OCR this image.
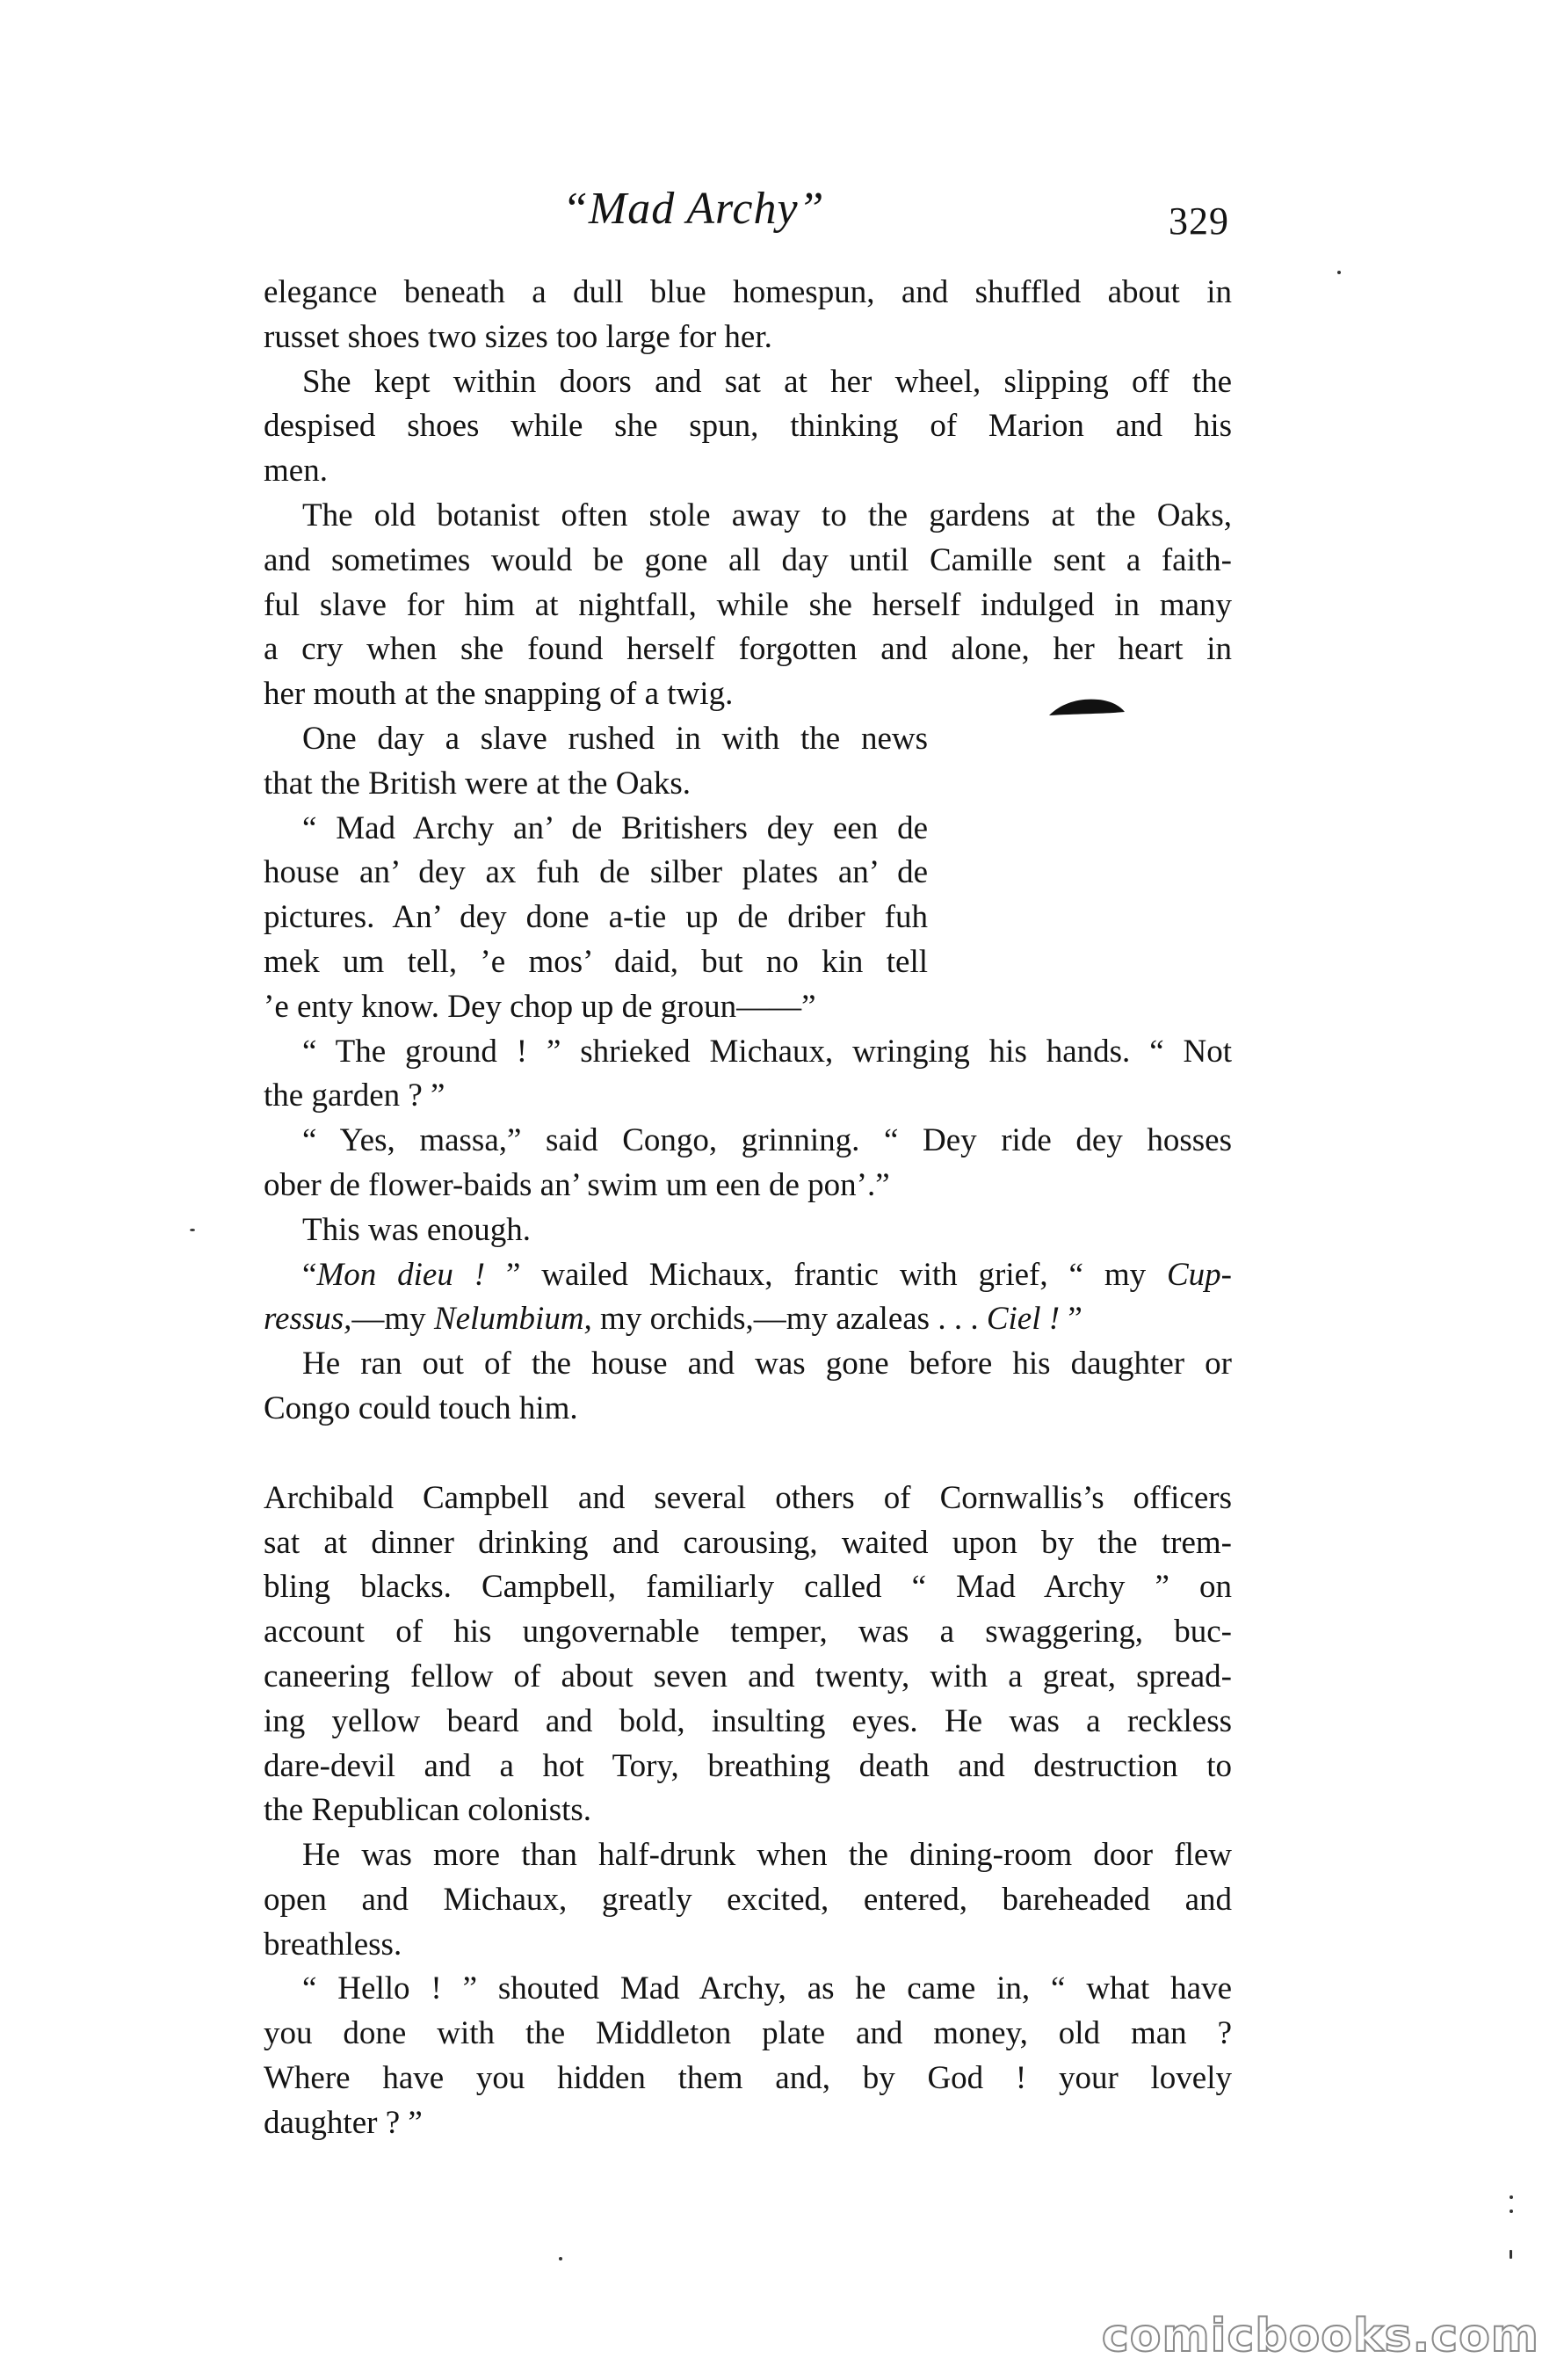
“Mad Archy”	329

elegance beneath a dull blue homespun, and shuffled about in

russet shoes two sizes too large for her.

She kept within doors and sat at her wheel, slipping off the

despised shoes while she spun, thinking of Marion and his

men.

The old botanist often stole away to the gardens at the Oaks,

and sometimes would be gone all day until Camille sent a faith-

ful slave for him at nightfall, while she herself indulged in many

a cry when she found herself forgotten and alone, her heart in

her mouth at the snapping of a twig.

One day a slave rushed in with the news

that the British were at the Oaks.

“ Mad Archy an’ de Britishers dey een de

house an’ dey ax fuh de silber plates an’ de

pictures. An’ dey done a-tie up de driber fuh

mek um tell, ’e mos’ daid, but no kin tell

’e enty know. Dey chop up de groun——”

“ The ground ! ” shrieked Michaux, wringing his hands. “ Not

the garden ? ”

“ Yes, massa,” said Congo, grinning. “ Dey ride dey hosses

ober de flower-baids an’ swim um een de pon’.”

This was enough.

“Mon dieu ! ” wailed Michaux, frantic with grief, “ my Cup-

ressus,—my Nelumbium, my orchids,—my azaleas . . . Ciel ! ”

He ran out of the house and was gone before his daughter or

Congo could touch him.

Archibald Campbell and several others of Cornwallis’s officers

sat at dinner drinking and carousing, waited upon by the trem-

bling blacks. Campbell, familiarly called “ Mad Archy ” on

account of his ungovernable temper, was a swaggering, buc-

caneering fellow of about seven and twenty, with a great, spread-

ing yellow beard and bold, insulting eyes. He was a reckless

dare-devil and a hot Tory, breathing death and destruction to

the Republican colonists.

He was more than half-drunk when the dining-room door flew

open and Michaux, greatly excited, entered, bareheaded and

breathless.

“ Hello ! ” shouted Mad Archy, as he came in, “ what have

you done with the Middleton plate and money, old man ?

Where have you hidden them and, by God ! your lovely

daughter ? ”

comicbooks.com
